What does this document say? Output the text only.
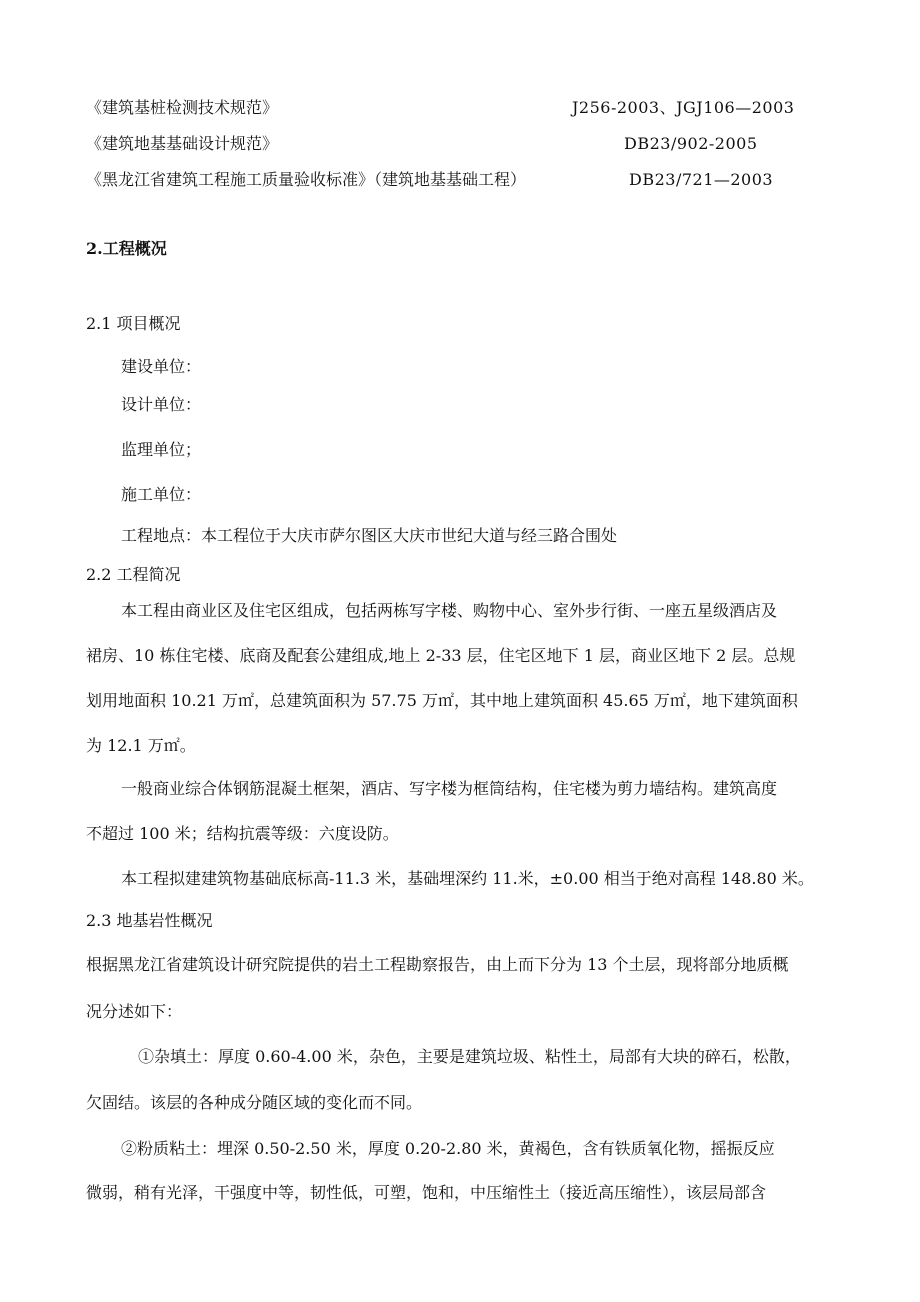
《建筑基桩检测技术规范》	J256-2003、JGJ106—2003
《建筑地基基础设计规范》	DB23/902-2005
《黑龙江省建筑工程施工质量验收标准》（建筑地基基础工程）	DB23/721—2003
2.工程概况
2.1 项目概况
建设单位：
设计单位：
监理单位；
施工单位：
工程地点：本工程位于大庆市萨尔图区大庆市世纪大道与经三路合围处
2.2 工程简况
本工程由商业区及住宅区组成，包括两栋写字楼、购物中心、室外步行街、一座五星级酒店及
裙房、10 栋住宅楼、底商及配套公建组成,地上 2-33 层，住宅区地下 1 层，商业区地下 2 层。总规
划用地面积 10.21 万㎡，总建筑面积为 57.75 万㎡，其中地上建筑面积 45.65 万㎡，地下建筑面积
为 12.1 万㎡。
一般商业综合体钢筋混凝土框架，酒店、写字楼为框筒结构，住宅楼为剪力墙结构。建筑高度
不超过 100 米；结构抗震等级：六度设防。
本工程拟建建筑物基础底标高-11.3 米，基础埋深约 11.米，±0.00 相当于绝对高程 148.80 米。
2.3 地基岩性概况
根据黑龙江省建筑设计研究院提供的岩土工程勘察报告，由上而下分为 13 个土层，现将部分地质概
况分述如下：
①杂填土：厚度 0.60-4.00 米，杂色，主要是建筑垃圾、粘性土，局部有大块的碎石，松散，
欠固结。该层的各种成分随区域的变化而不同。
②粉质粘土：埋深 0.50-2.50 米，厚度 0.20-2.80 米，黄褐色，含有铁质氧化物，摇振反应
微弱，稍有光泽，干强度中等，韧性低，可塑，饱和，中压缩性土（接近高压缩性），该层局部含
